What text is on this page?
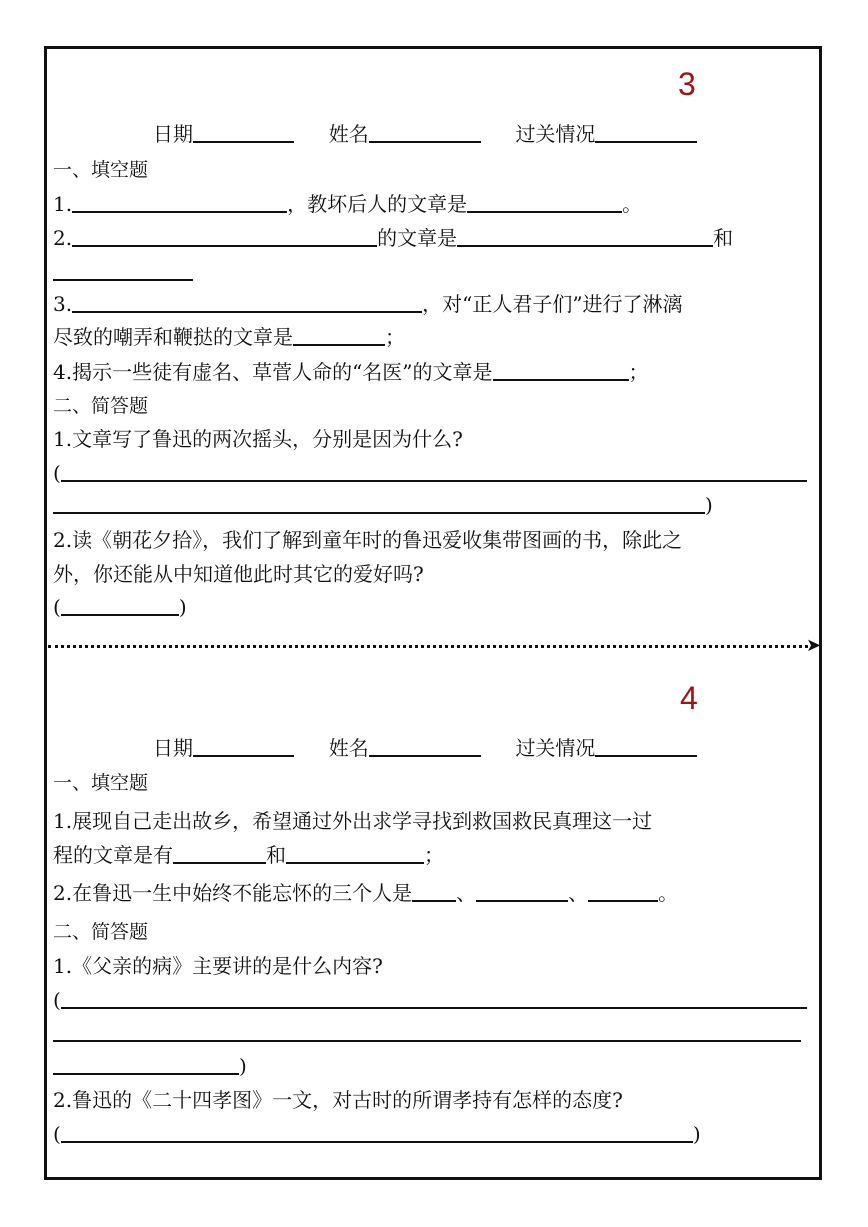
3
日期	姓名	过关情况
一、填空题
1.	，教坏后人的文章是	。
2.	的文章是	和
3.	，对“正人君子们”进行了淋漓
尽致的嘲弄和鞭挞的文章是	；
4.揭示一些徒有虚名、草菅人命的“名医”的文章是	；
二、简答题
1.文章写了鲁迅的两次摇头，分别是因为什么?
(
)
2.读《朝花夕拾》，我们了解到童年时的鲁迅爱收集带图画的书，除此之
外，你还能从中知道他此时其它的爱好吗?
(	)
➤
4
日期	姓名	过关情况
一、填空题
1.展现自己走出故乡，希望通过外出求学寻找到救国救民真理这一过
程的文章是有	和	；
2.在鲁迅一生中始终不能忘怀的三个人是 、	、	。
二、简答题
1.《父亲的病》主要讲的是什么内容?
(
)
2.鲁迅的《二十四孝图》一文，对古时的所谓孝持有怎样的态度?
(	)
